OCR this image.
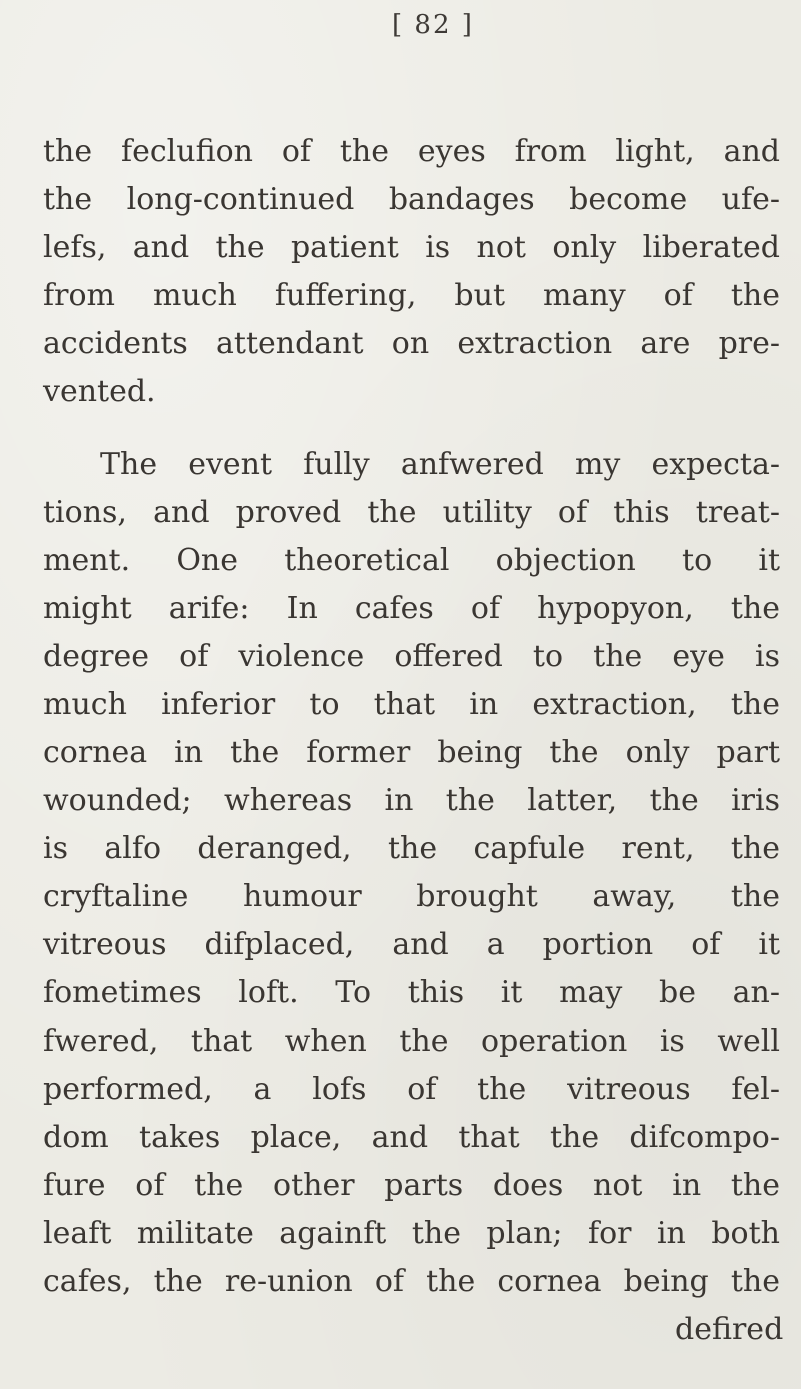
[ 82 ]
the feclufion of the eyes from light, and
the long-continued bandages become ufe-
lefs, and the patient is not only liberated
from much fuffering, but many of the
accidents attendant on extraction are pre-
vented.
The event fully anfwered my expecta-
tions, and proved the utility of this treat-
ment. One theoretical objection to it
might arife: In cafes of hypopyon, the
degree of violence offered to the eye is
much inferior to that in extraction, the
cornea in the former being the only part
wounded; whereas in the latter, the iris
is alfo deranged, the capfule rent, the
cryftaline humour brought away, the
vitreous difplaced, and a portion of it
fometimes loft. To this it may be an-
fwered, that when the operation is well
performed, a lofs of the vitreous fel-
dom takes place, and that the difcompo-
fure of the other parts does not in the
leaft militate againft the plan; for in both
cafes, the re-union of the cornea being the
defired
